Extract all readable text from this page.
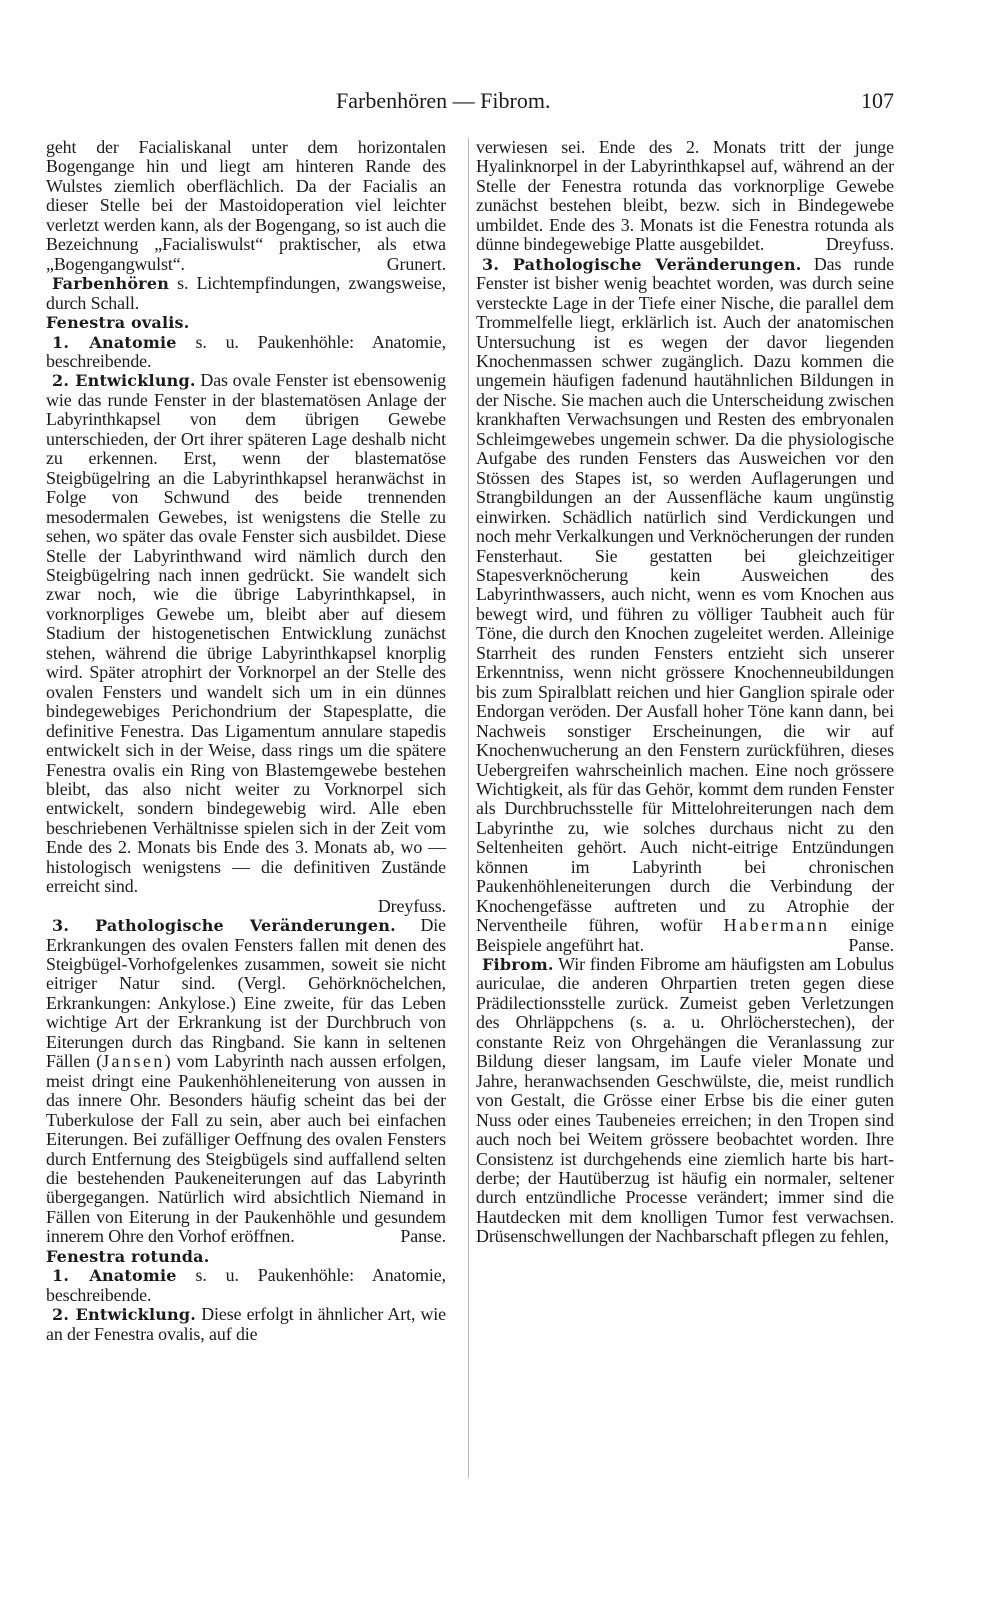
Farbenhören — Fibrom.	107

geht der Facialiskanal unter dem horizontalen Bogengange hin und liegt am hinteren Rande des Wulstes ziemlich oberflächlich. Da der Facialis an dieser Stelle bei der Mastoidoperation viel leichter verletzt werden kann, als der Bogengang, so ist auch die Bezeichnung „Facialiswulst“ praktischer, als etwa „Bogengangwulst“.	Grunert.

Farbenhören s. Lichtempfindungen, zwangsweise, durch Schall.

Fenestra ovalis.

1. Anatomie s. u. Paukenhöhle: Anatomie, beschreibende.

2. Entwicklung. Das ovale Fenster ist ebensowenig wie das runde Fenster in der blastematösen Anlage der Labyrinthkapsel von dem übrigen Gewebe unterschieden, der Ort ihrer späteren Lage deshalb nicht zu erkennen. Erst, wenn der blastematöse Steigbügelring an die Labyrinthkapsel heranwächst in Folge von Schwund des beide trennenden mesodermalen Gewebes, ist wenigstens die Stelle zu sehen, wo später das ovale Fenster sich ausbildet. Diese Stelle der Labyrinthwand wird nämlich durch den Steigbügelring nach innen gedrückt. Sie wandelt sich zwar noch, wie die übrige Labyrinthkapsel, in vorknorpliges Gewebe um, bleibt aber auf diesem Stadium der histogenetischen Entwicklung zunächst stehen, während die übrige Labyrinthkapsel knorplig wird. Später atrophirt der Vorknorpel an der Stelle des ovalen Fensters und wandelt sich um in ein dünnes bindegewebiges Perichondrium der Stapesplatte, die definitive Fenestra. Das Ligamentum annulare stapedis entwickelt sich in der Weise, dass rings um die spätere Fenestra ovalis ein Ring von Blastemgewebe bestehen bleibt, das also nicht weiter zu Vorknorpel sich entwickelt, sondern bindegewebig wird. Alle eben beschriebenen Verhältnisse spielen sich in der Zeit vom Ende des 2. Monats bis Ende des 3. Monats ab, wo — histologisch wenigstens — die definitiven Zustände erreicht sind.
Dreyfuss.

3. Pathologische Veränderungen. Die Erkrankungen des ovalen Fensters fallen mit denen des Steigbügel-Vorhofgelenkes zusammen, soweit sie nicht eitriger Natur sind. (Vergl. Gehörknöchelchen, Erkrankungen: Ankylose.) Eine zweite, für das Leben wichtige Art der Erkrankung ist der Durchbruch von Eiterungen durch das Ringband. Sie kann in seltenen Fällen (Jansen) vom Labyrinth nach aussen erfolgen, meist dringt eine Paukenhöhleneiterung von aussen in das innere Ohr. Besonders häufig scheint das bei der Tuberkulose der Fall zu sein, aber auch bei einfachen Eiterungen. Bei zufälliger Oeffnung des ovalen Fensters durch Entfernung des Steigbügels sind auffallend selten die bestehenden Paukeneiterungen auf das Labyrinth übergegangen. Natürlich wird absichtlich Niemand in Fällen von Eiterung in der Paukenhöhle und gesundem innerem Ohre den Vorhof eröffnen.	Panse.

Fenestra rotunda.

1. Anatomie s. u. Paukenhöhle: Anatomie, beschreibende.

2. Entwicklung. Diese erfolgt in ähnlicher Art, wie an der Fenestra ovalis, auf die

verwiesen sei. Ende des 2. Monats tritt der junge Hyalinknorpel in der Labyrinthkapsel auf, während an der Stelle der Fenestra rotunda das vorknorplige Gewebe zunächst bestehen bleibt, bezw. sich in Bindegewebe umbildet. Ende des 3. Monats ist die Fenestra rotunda als dünne bindegewebige Platte ausgebildet.	Dreyfuss.

3. Pathologische Veränderungen. Das runde Fenster ist bisher wenig beachtet worden, was durch seine versteckte Lage in der Tiefe einer Nische, die parallel dem Trommelfelle liegt, erklärlich ist. Auch der anatomischen Untersuchung ist es wegen der davor liegenden Knochenmassen schwer zugänglich. Dazu kommen die ungemein häufigen fadenund hautähnlichen Bildungen in der Nische. Sie machen auch die Unterscheidung zwischen krankhaften Verwachsungen und Resten des embryonalen Schleimgewebes ungemein schwer. Da die physiologische Aufgabe des runden Fensters das Ausweichen vor den Stössen des Stapes ist, so werden Auflagerungen und Strangbildungen an der Aussenfläche kaum ungünstig einwirken. Schädlich natürlich sind Verdickungen und noch mehr Verkalkungen und Verknöcherungen der runden Fensterhaut. Sie gestatten bei gleichzeitiger Stapesverknöcherung kein Ausweichen des Labyrinthwassers, auch nicht, wenn es vom Knochen aus bewegt wird, und führen zu völliger Taubheit auch für Töne, die durch den Knochen zugeleitet werden. Alleinige Starrheit des runden Fensters entzieht sich unserer Erkenntniss, wenn nicht grössere Knochenneubildungen bis zum Spiralblatt reichen und hier Ganglion spirale oder Endorgan veröden. Der Ausfall hoher Töne kann dann, bei Nachweis sonstiger Erscheinungen, die wir auf Knochenwucherung an den Fenstern zurückführen, dieses Uebergreifen wahrscheinlich machen. Eine noch grössere Wichtigkeit, als für das Gehör, kommt dem runden Fenster als Durchbruchsstelle für Mittelohreiterungen nach dem Labyrinthe zu, wie solches durchaus nicht zu den Seltenheiten gehört. Auch nicht-eitrige Entzündungen können im Labyrinth bei chronischen Paukenhöhleneiterungen durch die Verbindung der Knochengefässe auftreten und zu Atrophie der Nerventheile führen, wofür Habermann einige Beispiele angeführt hat.	Panse.

Fibrom. Wir finden Fibrome am häufigsten am Lobulus auriculae, die anderen Ohrpartien treten gegen diese Prädilectionsstelle zurück. Zumeist geben Verletzungen des Ohrläppchens (s. a. u. Ohrlöcherstechen), der constante Reiz von Ohrgehängen die Veranlassung zur Bildung dieser langsam, im Laufe vieler Monate und Jahre, heranwachsenden Geschwülste, die, meist rundlich von Gestalt, die Grösse einer Erbse bis die einer guten Nuss oder eines Taubeneies erreichen; in den Tropen sind auch noch bei Weitem grössere beobachtet worden. Ihre Consistenz ist durchgehends eine ziemlich harte bis hart-derbe; der Hautüberzug ist häufig ein normaler, seltener durch entzündliche Processe verändert; immer sind die Hautdecken mit dem knolligen Tumor fest verwachsen. Drüsenschwellungen der Nachbarschaft pflegen zu fehlen,
